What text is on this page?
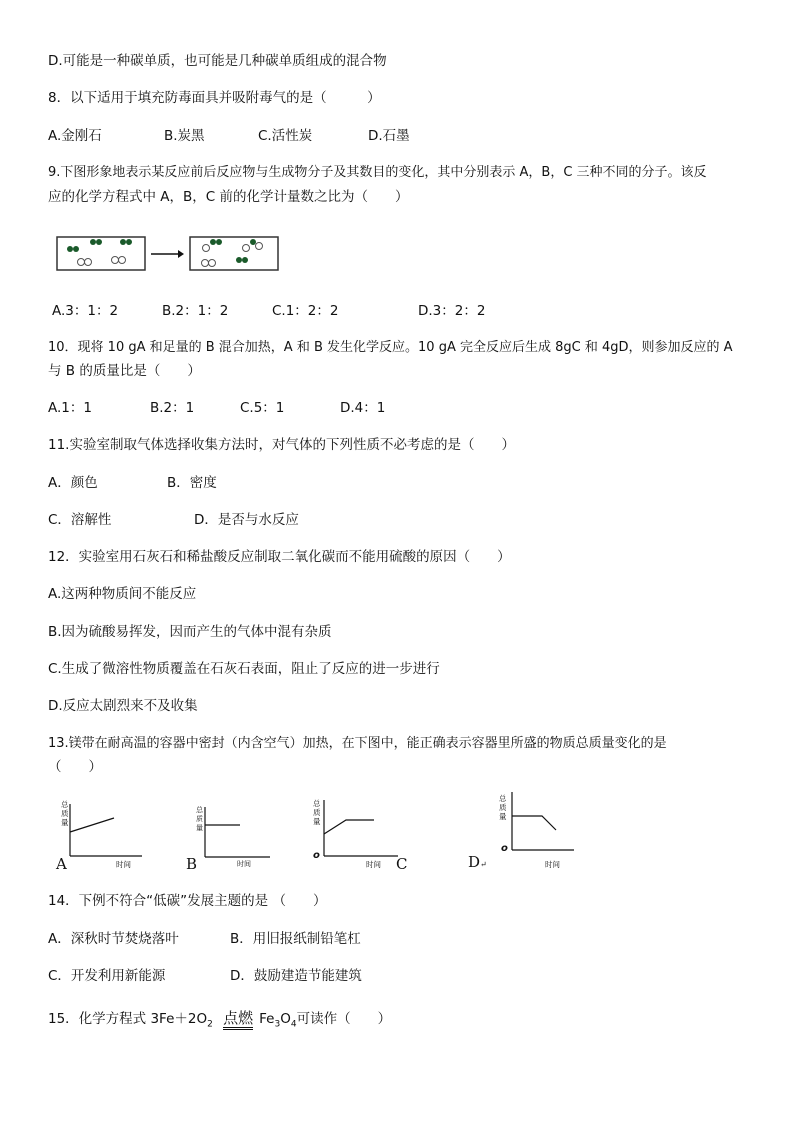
D.可能是一种碳单质，也可能是几种碳单质组成的混合物
8．以下适用于填充防毒面具并吸附毒气的是（　　　）
A.金刚石	B.炭黑	C.活性炭	D.石墨
9.下图形象地表示某反应前后反应物与生成物分子及其数目的变化，其中分别表示 A，B，C 三种不同的分子。该反
应的化学方程式中 A，B，C 前的化学计量数之比为（　　）
A.3：1：2	B.2：1：2	C.1：2：2	D.3：2：2
10．现将 10 gA 和足量的 B 混合加热，A 和 B 发生化学反应。10 gA 完全反应后生成 8gC 和 4gD，则参加反应的 A
与 B 的质量比是（　　）
A.1：1	B.2：1	C.5：1	D.4：1
11.实验室制取气体选择收集方法时，对气体的下列性质不必考虑的是（　　）
A．颜色	B．密度
C．溶解性	D．是否与水反应
12．实验室用石灰石和稀盐酸反应制取二氧化碳而不能用硫酸的原因（　　）
A.这两种物质间不能反应
B.因为硫酸易挥发，因而产生的气体中混有杂质
C.生成了微溶性物质覆盖在石灰石表面，阻止了反应的进一步进行
D.反应太剧烈来不及收集
13.镁带在耐高温的容器中密封（内含空气）加热，在下图中，能正确表示容器里所盛的物质总质量变化的是
（　　）
A
总质量
时间	B
总质量
时间	C
总质量
时间
o	D↵
总质量
时间
o
14．下例不符合“低碳”发展主题的是 （　　）
A．深秋时节焚烧落叶	B．用旧报纸制铅笔杠
C．开发利用新能源	D．鼓励建造节能建筑
15．化学方程式 $3Fe+2O_2$ 点燃 $Fe_3O_4$可读作（　　）
